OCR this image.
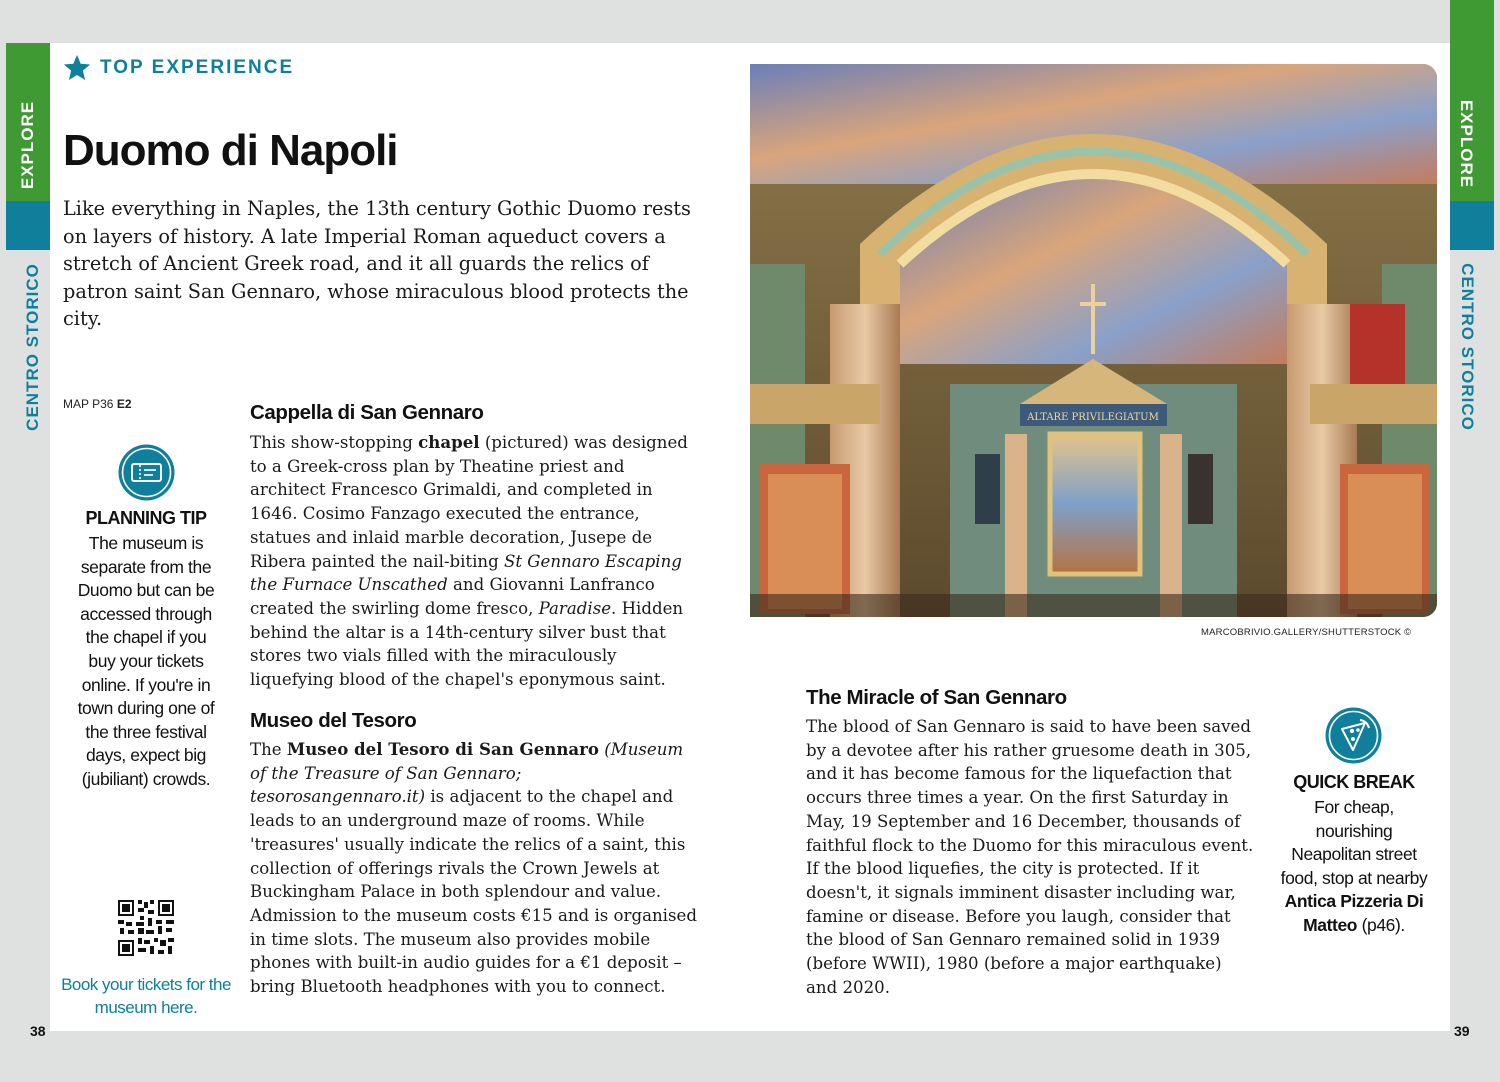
38	39
EXPLORE
CENTRO STORICO
EXPLORE
CENTRO STORICO
TOP EXPERIENCE
Duomo di Napoli

Like everything in Naples, the 13th century Gothic Duomo rests on layers of history. A late Imperial Roman aqueduct covers a stretch of Ancient Greek road, and it all guards the relics of patron saint San Gennaro, whose miraculous blood protects the city.

MAP P36 E2
PLANNING TIP
The museum is separate from the Duomo but can be accessed through the chapel if you buy your tickets online. If you're in town during one of the three festival days, expect big (jubiliant) crowds.
Book your tickets for the museum here.
Cappella di San Gennaro

This show-stopping chapel (pictured) was designed to a Greek-cross plan by Theatine priest and architect Francesco Grimaldi, and completed in 1646. Cosimo Fanzago executed the entrance, statues and inlaid marble decoration, Jusepe de Ribera painted the nail-biting St Gennaro Escaping the Furnace Unscathed and Giovanni Lanfranco created the swirling dome fresco, Paradise. Hidden behind the altar is a 14th-century silver bust that stores two vials filled with the miraculously liquefying blood of the chapel's eponymous saint.

Museo del Tesoro

The Museo del Tesoro di San Gennaro (Museum of the Treasure of San Gennaro; tesorosangennaro.it) is adjacent to the chapel and leads to an underground maze of rooms. While 'treasures' usually indicate the relics of a saint, this collection of offerings rivals the Crown Jewels at Buckingham Palace in both splendour and value. Admission to the museum costs €15 and is organised in time slots. The museum also provides mobile phones with built-in audio guides for a €1 deposit – bring Bluetooth headphones with you to connect.

ALTARE PRIVILEGIATUM
MARCOBRIVIO.GALLERY/SHUTTERSTOCK ©
The Miracle of San Gennaro

The blood of San Gennaro is said to have been saved by a devotee after his rather gruesome death in 305, and it has become famous for the liquefaction that occurs three times a year. On the first Saturday in May, 19 September and 16 December, thousands of faithful flock to the Duomo for this miraculous event. If the blood liquefies, the city is protected. If it doesn't, it signals imminent disaster including war, famine or disease. Before you laugh, consider that the blood of San Gennaro remained solid in 1939 (before WWII), 1980 (before a major earthquake) and 2020.

QUICK BREAK
For cheap, nourishing Neapolitan street food, stop at nearby Antica Pizzeria Di Matteo (p46).
